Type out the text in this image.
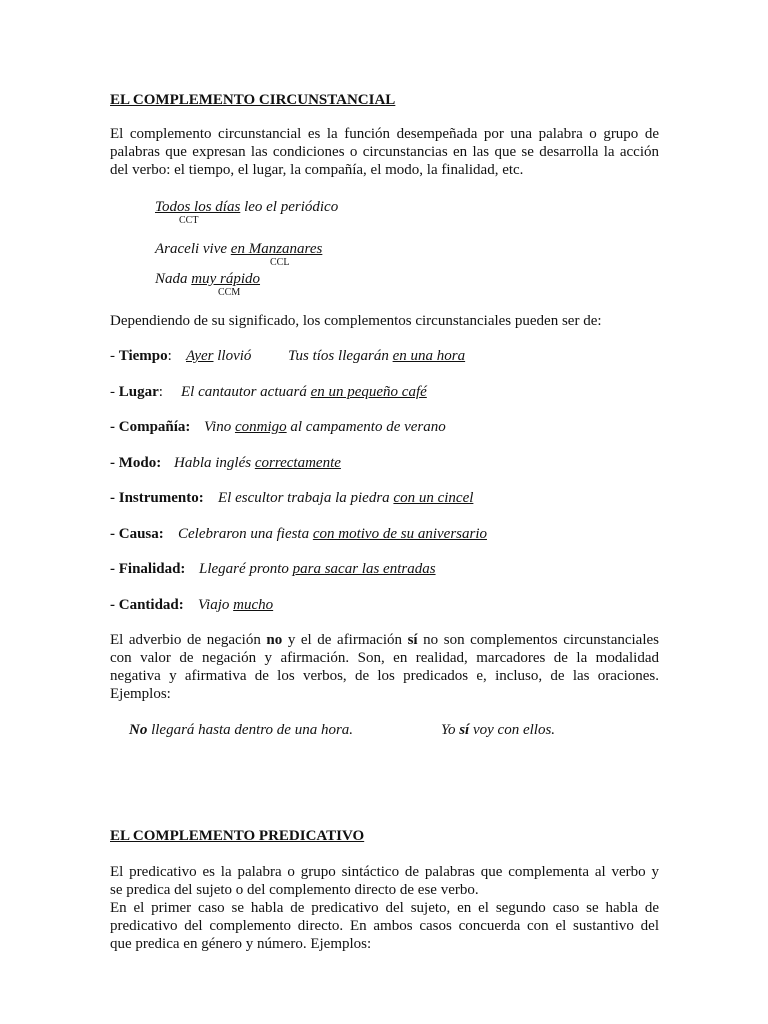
EL COMPLEMENTO CIRCUNSTANCIAL
El complemento circunstancial es la función desempeñada por una palabra o grupo de
palabras que expresan las condiciones o circunstancias en las que se desarrolla la acción
del verbo: el tiempo, el lugar, la compañía, el modo, la finalidad, etc.
Todos los días leo el periódico
CCT
Araceli vive en Manzanares
CCL
Nada muy rápido
CCM
Dependiendo de su significado, los complementos circunstanciales pueden ser de:
- Tiempo: Ayer llovió Tus tíos llegarán en una hora
- Lugar: El cantautor actuará en un pequeño café
- Compañía: Vino conmigo al campamento de verano
- Modo: Habla inglés correctamente
- Instrumento: El escultor trabaja la piedra con un cincel
- Causa: Celebraron una fiesta con motivo de su aniversario
- Finalidad: Llegaré pronto para sacar las entradas
- Cantidad: Viajo mucho
El adverbio de negación no y el de afirmación sí no son complementos circunstanciales
con valor de negación y afirmación. Son, en realidad, marcadores de la modalidad
negativa y afirmativa de los verbos, de los predicados e, incluso, de las oraciones.
Ejemplos:
No llegará hasta dentro de una hora.	Yo sí voy con ellos.
EL COMPLEMENTO PREDICATIVO
El predicativo es la palabra o grupo sintáctico de palabras que complementa al verbo y
se predica del sujeto o del complemento directo de ese verbo.
En el primer caso se habla de predicativo del sujeto, en el segundo caso se habla de
predicativo del complemento directo. En ambos casos concuerda con el sustantivo del
que predica en género y número. Ejemplos:
